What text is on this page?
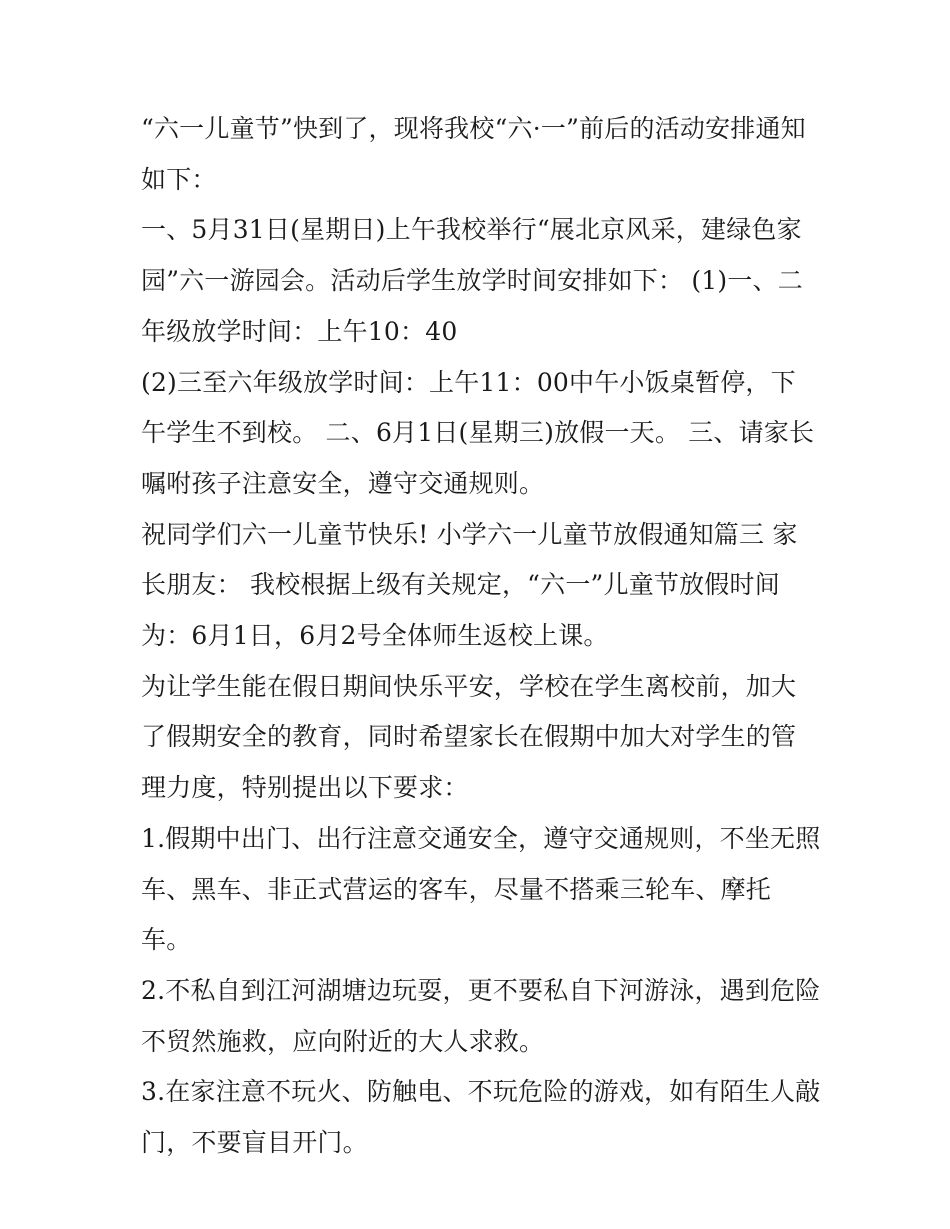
“六一儿童节”快到了，现将我校“六·一”前后的活动安排通知如下：

一、5月31日(星期日)上午我校举行“展北京风采，建绿色家园”六一游园会。活动后学生放学时间安排如下： (1)一、二年级放学时间：上午10：40

(2)三至六年级放学时间：上午11：00中午小饭桌暂停，下午学生不到校。 二、6月1日(星期三)放假一天。 三、请家长嘱咐孩子注意安全，遵守交通规则。

祝同学们六一儿童节快乐! 小学六一儿童节放假通知篇三 家长朋友： 我校根据上级有关规定，“六一”儿童节放假时间为：6月1日，6月2号全体师生返校上课。

为让学生能在假日期间快乐平安，学校在学生离校前，加大了假期安全的教育，同时希望家长在假期中加大对学生的管理力度，特别提出以下要求：

1.假期中出门、出行注意交通安全，遵守交通规则，不坐无照车、黑车、非正式营运的客车，尽量不搭乘三轮车、摩托车。

2.不私自到江河湖塘边玩耍，更不要私自下河游泳，遇到危险不贸然施救，应向附近的大人求救。

3.在家注意不玩火、防触电、不玩危险的游戏，如有陌生人敲门，不要盲目开门。
